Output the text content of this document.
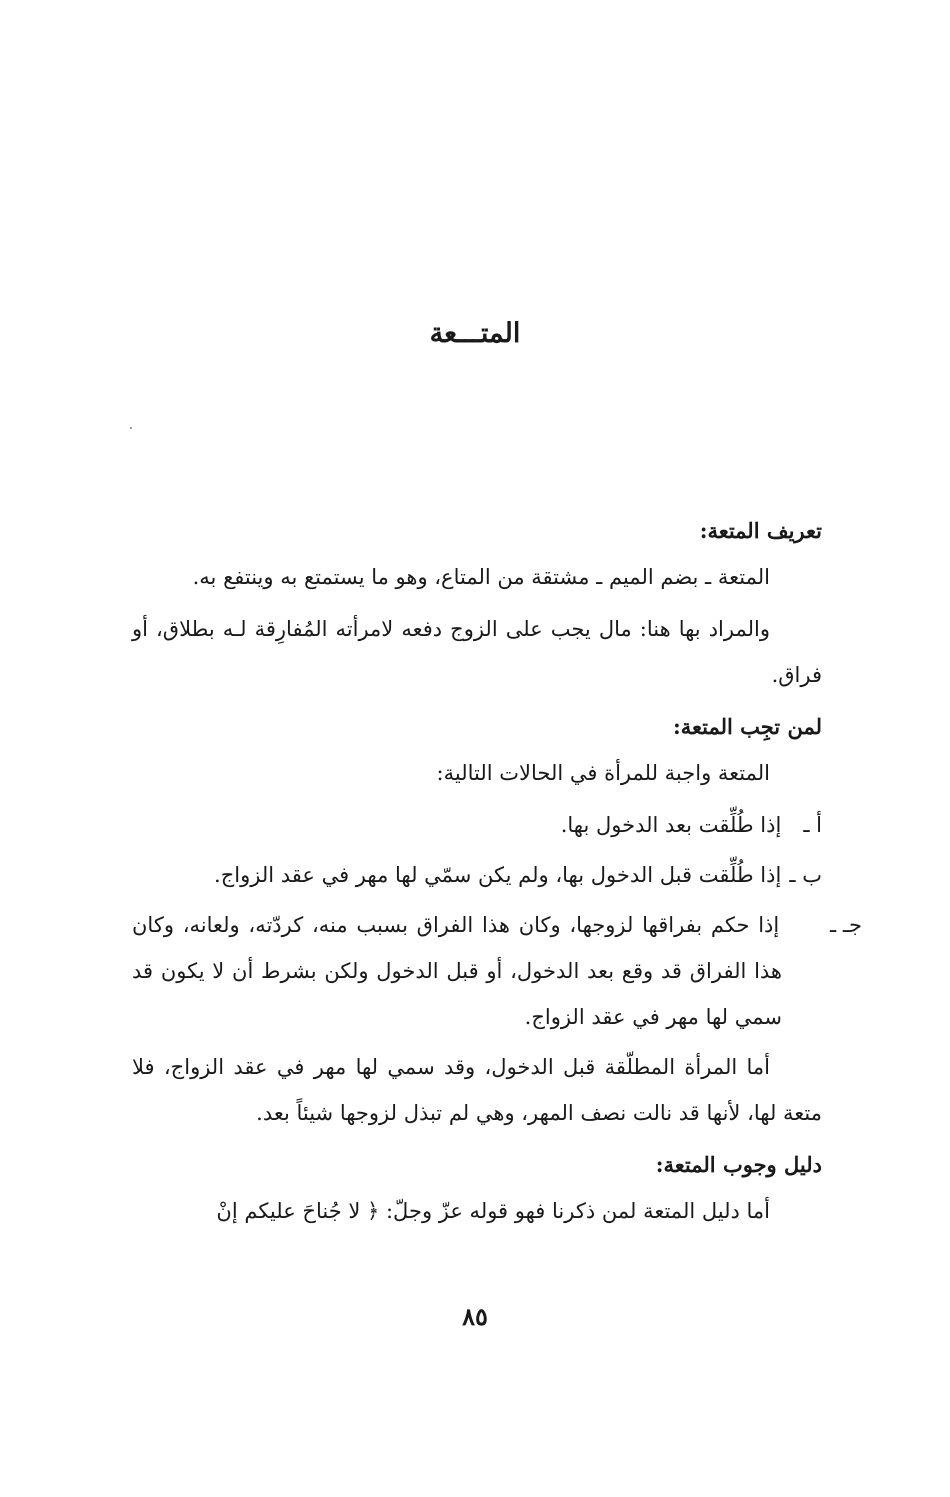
المتـــعة

تعريف المتعة:

المتعة ـ بضم الميم ـ مشتقة من المتاع، وهو ما يستمتع به وينتفع به.

والمراد بها هنا: مال يجب على الزوج دفعه لامرأته المُفارِقة لـه بطلاق، أو فراق.

لمن تجِب المتعة:

المتعة واجبة للمرأة في الحالات التالية:

أ ـ إذا طُلِّقت بعد الدخول بها.

ب ـ إذا طُلِّقت قبل الدخول بها، ولم يكن سمّي لها مهر في عقد الزواج.

جـ ـ إذا حكم بفراقها لزوجها، وكان هذا الفراق بسبب منه، كردّته، ولعانه، وكان هذا الفراق قد وقع بعد الدخول، أو قبل الدخول ولكن بشرط أن لا يكون قد سمي لها مهر في عقد الزواج.

أما المرأة المطلّقة قبل الدخول، وقد سمي لها مهر في عقد الزواج، فلا متعة لها، لأنها قد نالت نصف المهر، وهي لم تبذل لزوجها شيئاً بعد.

دليل وجوب المتعة:

أما دليل المتعة لمن ذكرنا فهو قوله عزّ وجلّ: ﴿ لا جُناحَ عليكم إنْ

٨٥
